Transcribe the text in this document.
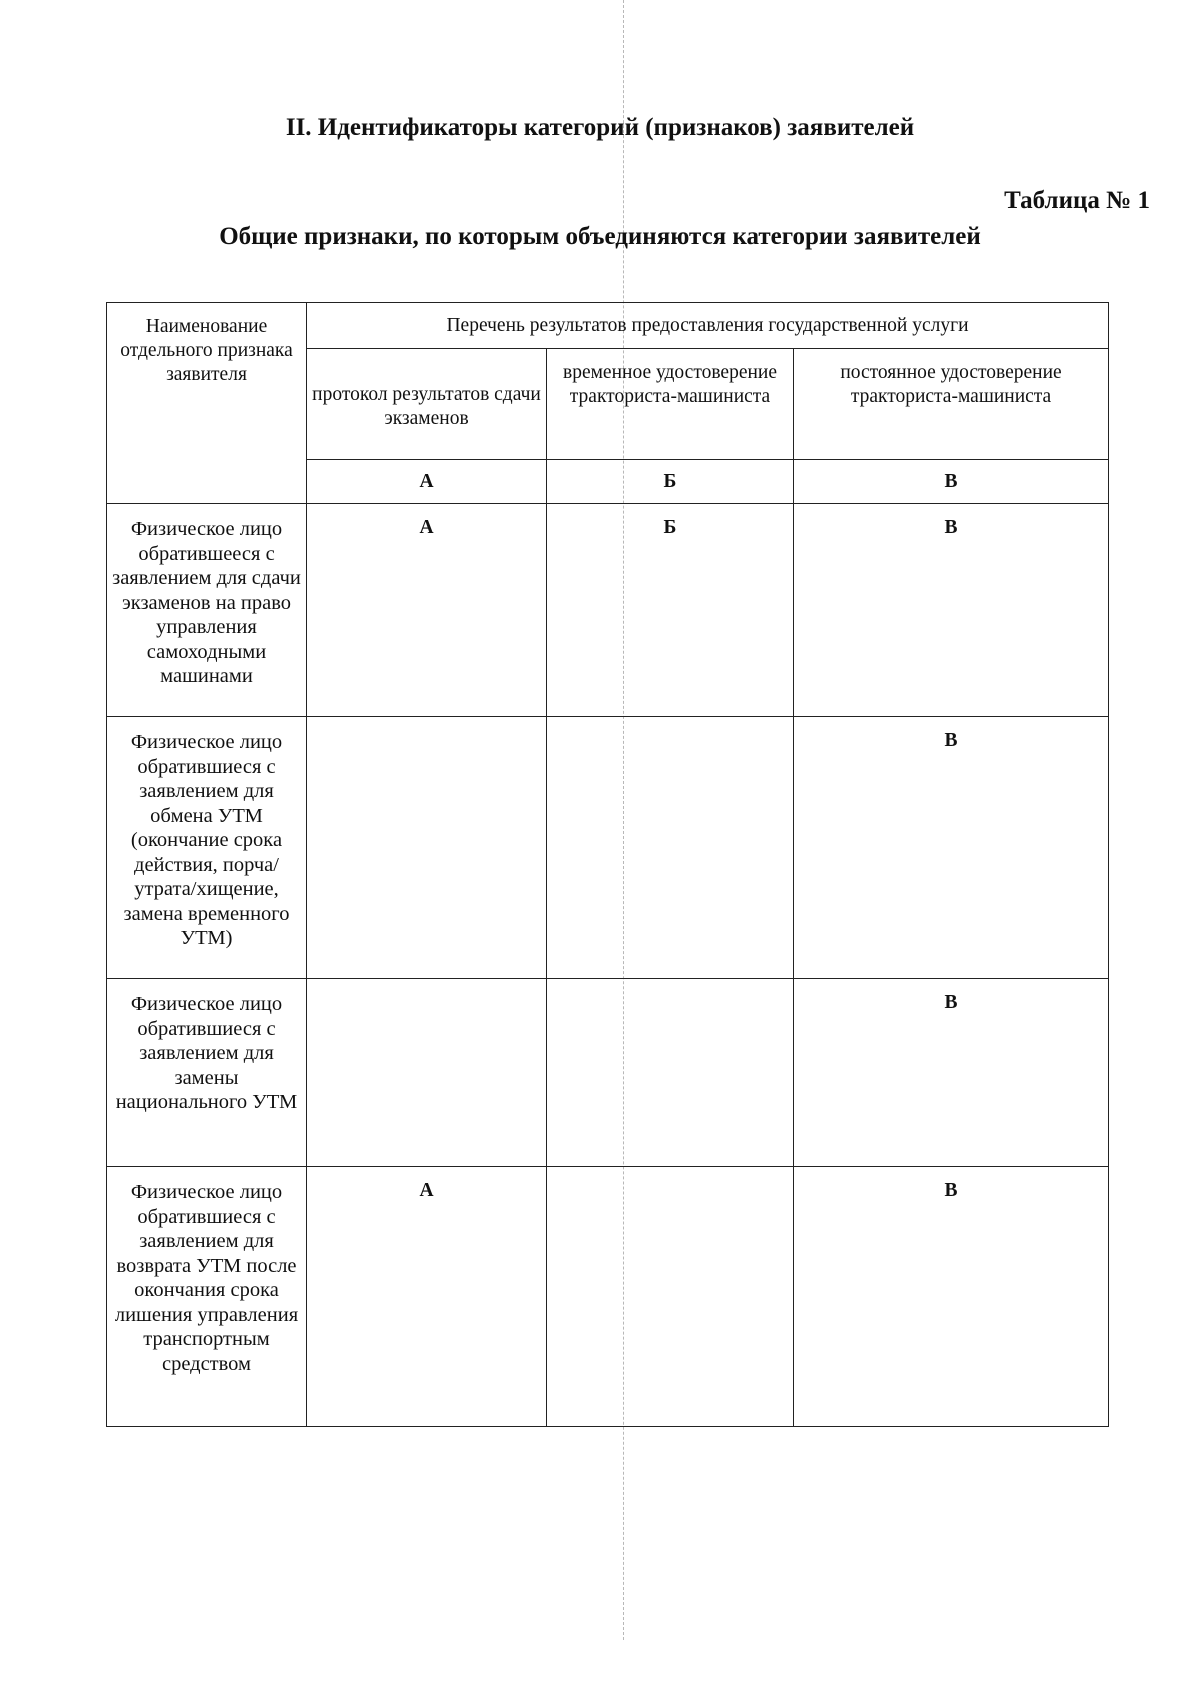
II. Идентификаторы категорий (признаков) заявителей
Таблица № 1
Общие признаки, по которым объединяются категории заявителей
Наименование отдельного признака заявителя	Перечень результатов предоставления государственной услуги		
	протокол результатов сдачи экзаменов	временное удостоверение тракториста-машиниста	постоянное удостоверение тракториста-машиниста
	А	Б	В
Физическое лицо обратившееся с заявлением для сдачи экзаменов на право управления самоходными машинами	А	Б	В
Физическое лицо обратившиеся с заявлением для обмена УТМ (окончание срока действия, порча/утрата/хищение, замена временного УТМ)			В
Физическое лицо обратившиеся с заявлением для замены национального УТМ			В
Физическое лицо обратившиеся с заявлением для возврата УТМ после окончания срока лишения управления транспортным средством	А		В
